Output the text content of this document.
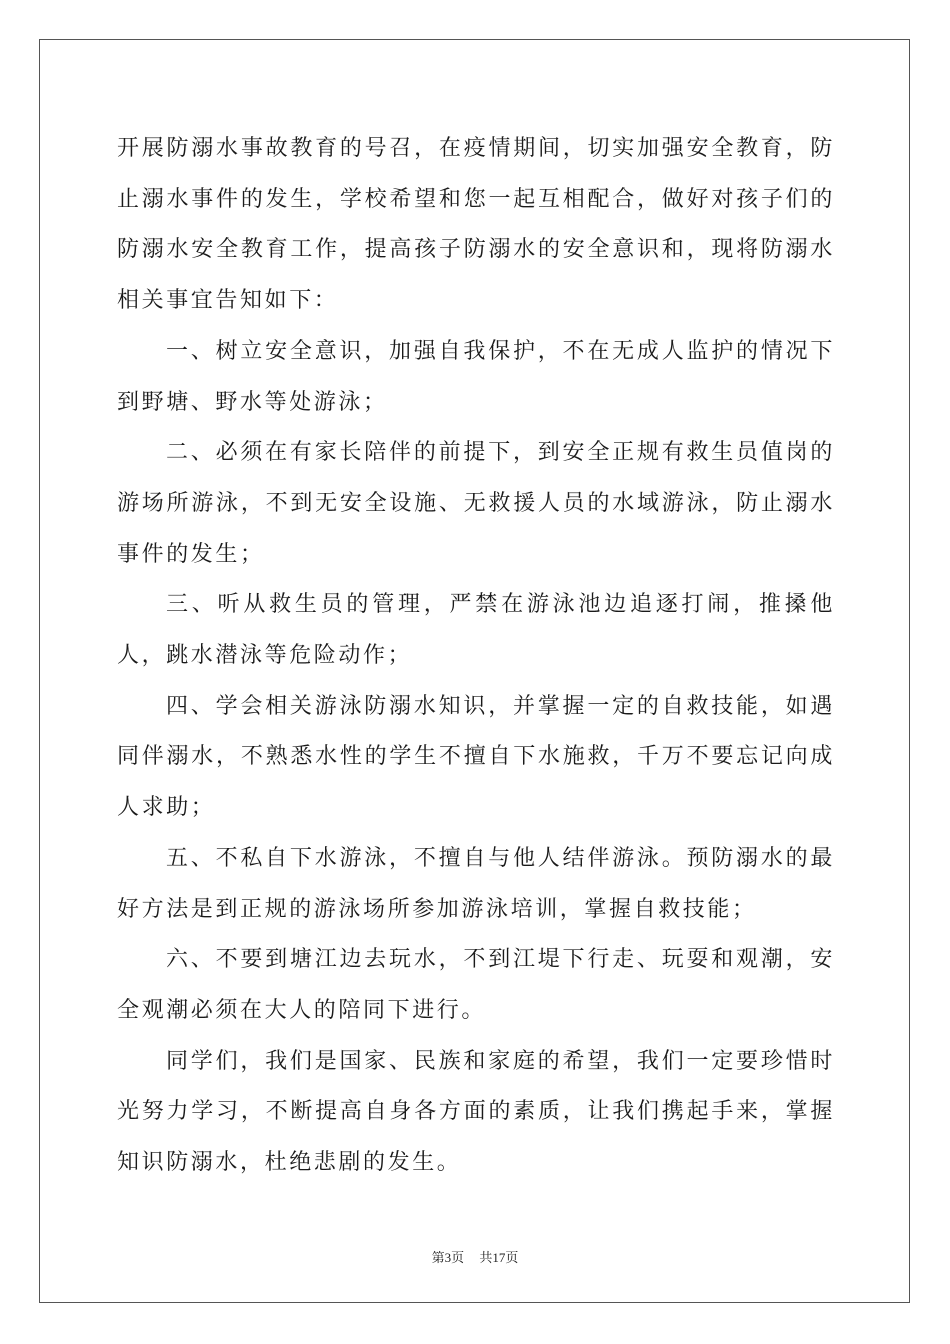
开展防溺水事故教育的号召，在疫情期间，切实加强安全教育，防止溺水事件的发生，学校希望和您一起互相配合，做好对孩子们的防溺水安全教育工作，提高孩子防溺水的安全意识和，现将防溺水相关事宜告知如下：

一、树立安全意识，加强自我保护，不在无成人监护的情况下到野塘、野水等处游泳；

二、必须在有家长陪伴的前提下，到安全正规有救生员值岗的游场所游泳，不到无安全设施、无救援人员的水域游泳，防止溺水事件的发生；

三、听从救生员的管理，严禁在游泳池边追逐打闹，推搡他人，跳水潜泳等危险动作；

四、学会相关游泳防溺水知识，并掌握一定的自救技能，如遇同伴溺水，不熟悉水性的学生不擅自下水施救，千万不要忘记向成人求助；

五、不私自下水游泳，不擅自与他人结伴游泳。预防溺水的最好方法是到正规的游泳场所参加游泳培训，掌握自救技能；

六、不要到塘江边去玩水，不到江堤下行走、玩耍和观潮，安全观潮必须在大人的陪同下进行。

同学们，我们是国家、民族和家庭的希望，我们一定要珍惜时光努力学习，不断提高自身各方面的素质，让我们携起手来，掌握知识防溺水，杜绝悲剧的发生。

第3页 共17页
